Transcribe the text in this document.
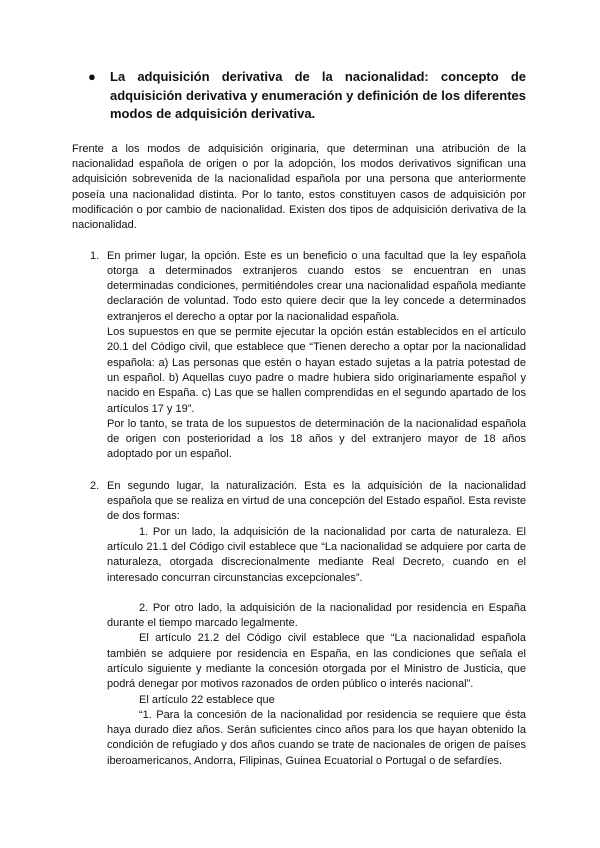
● La adquisición derivativa de la nacionalidad: concepto de adquisición derivativa y enumeración y definición de los diferentes modos de adquisición derivativa.

Frente a los modos de adquisición originaria, que determinan una atribución de la nacionalidad española de origen o por la adopción, los modos derivativos significan una adquisición sobrevenida de la nacionalidad española por una persona que anteriormente poseía una nacionalidad distinta. Por lo tanto, estos constituyen casos de adquisición por modificación o por cambio de nacionalidad. Existen dos tipos de adquisición derivativa de la nacionalidad.

1. En primer lugar, la opción. Este es un beneficio o una facultad que la ley española otorga a determinados extranjeros cuando estos se encuentran en unas determinadas condiciones, permitiéndoles crear una nacionalidad española mediante declaración de voluntad. Todo esto quiere decir que la ley concede a determinados extranjeros el derecho a optar por la nacionalidad española.

Los supuestos en que se permite ejecutar la opción están establecidos en el artículo 20.1 del Código civil, que establece que “Tienen derecho a optar por la nacionalidad española: a) Las personas que estén o hayan estado sujetas a la patria potestad de un español. b) Aquellas cuyo padre o madre hubiera sido originariamente español y nacido en España. c) Las que se hallen comprendidas en el segundo apartado de los artículos 17 y 19”.

Por lo tanto, se trata de los supuestos de determinación de la nacionalidad española de origen con posterioridad a los 18 años y del extranjero mayor de 18 años adoptado por un español.

2. En segundo lugar, la naturalización. Esta es la adquisición de la nacionalidad española que se realiza en virtud de una concepción del Estado español. Esta reviste de dos formas:

1. Por un lado, la adquisición de la nacionalidad por carta de naturaleza. El artículo 21.1 del Código civil establece que “La nacionalidad se adquiere por carta de naturaleza, otorgada discrecionalmente mediante Real Decreto, cuando en el interesado concurran circunstancias excepcionales”.

2. Por otro lado, la adquisición de la nacionalidad por residencia en España durante el tiempo marcado legalmente.

El artículo 21.2 del Código civil establece que “La nacionalidad española también se adquiere por residencia en España, en las condiciones que señala el artículo siguiente y mediante la concesión otorgada por el Ministro de Justicia, que podrá denegar por motivos razonados de orden público o interés nacional”.

El artículo 22 establece que

“1. Para la concesión de la nacionalidad por residencia se requiere que ésta haya durado diez años. Serán suficientes cinco años para los que hayan obtenido la condición de refugiado y dos años cuando se trate de nacionales de origen de países iberoamericanos, Andorra, Filipinas, Guinea Ecuatorial o Portugal o de sefardíes.
